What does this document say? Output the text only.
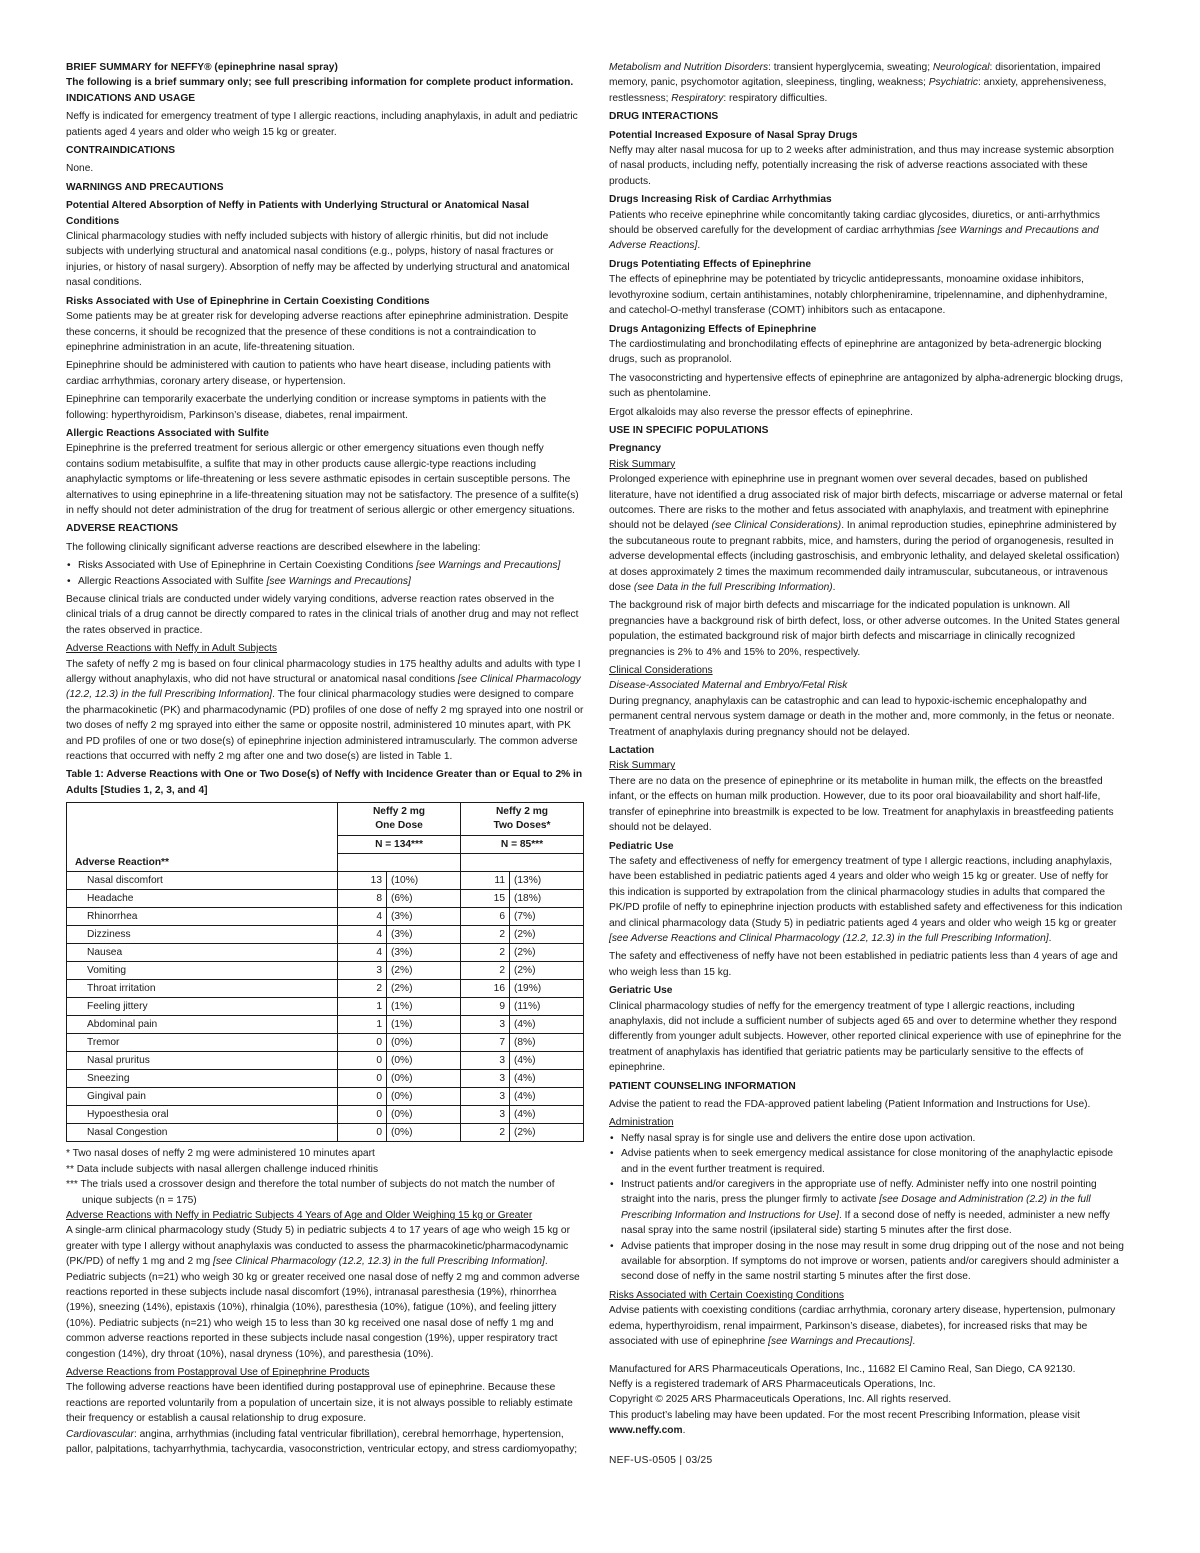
BRIEF SUMMARY for NEFFY® (epinephrine nasal spray)

The following is a brief summary only; see full prescribing information for complete product information.

INDICATIONS AND USAGE

Neffy is indicated for emergency treatment of type I allergic reactions, including anaphylaxis, in adult and pediatric patients aged 4 years and older who weigh 15 kg or greater.

CONTRAINDICATIONS

None.

WARNINGS AND PRECAUTIONS

Potential Altered Absorption of Neffy in Patients with Underlying Structural or Anatomical Nasal Conditions

Clinical pharmacology studies with neffy included subjects with history of allergic rhinitis, but did not include subjects with underlying structural and anatomical nasal conditions (e.g., polyps, history of nasal fractures or injuries, or history of nasal surgery). Absorption of neffy may be affected by underlying structural and anatomical nasal conditions.

Risks Associated with Use of Epinephrine in Certain Coexisting Conditions

Some patients may be at greater risk for developing adverse reactions after epinephrine administration. Despite these concerns, it should be recognized that the presence of these conditions is not a contraindication to epinephrine administration in an acute, life-threatening situation.

Epinephrine should be administered with caution to patients who have heart disease, including patients with cardiac arrhythmias, coronary artery disease, or hypertension.

Epinephrine can temporarily exacerbate the underlying condition or increase symptoms in patients with the following: hyperthyroidism, Parkinson’s disease, diabetes, renal impairment.

Allergic Reactions Associated with Sulfite

Epinephrine is the preferred treatment for serious allergic or other emergency situations even though neffy contains sodium metabisulfite, a sulfite that may in other products cause allergic-type reactions including anaphylactic symptoms or life-threatening or less severe asthmatic episodes in certain susceptible persons. The alternatives to using epinephrine in a life-threatening situation may not be satisfactory. The presence of a sulfite(s) in neffy should not deter administration of the drug for treatment of serious allergic or other emergency situations.

ADVERSE REACTIONS

The following clinically significant adverse reactions are described elsewhere in the labeling:

• Risks Associated with Use of Epinephrine in Certain Coexisting Conditions [see Warnings and Precautions]
• Allergic Reactions Associated with Sulfite [see Warnings and Precautions]

Because clinical trials are conducted under widely varying conditions, adverse reaction rates observed in the clinical trials of a drug cannot be directly compared to rates in the clinical trials of another drug and may not reflect the rates observed in practice.

Adverse Reactions with Neffy in Adult Subjects

The safety of neffy 2 mg is based on four clinical pharmacology studies in 175 healthy adults and adults with type I allergy without anaphylaxis, who did not have structural or anatomical nasal conditions [see Clinical Pharmacology (12.2, 12.3) in the full Prescribing Information]. The four clinical pharmacology studies were designed to compare the pharmacokinetic (PK) and pharmacodynamic (PD) profiles of one dose of neffy 2 mg sprayed into one nostril or two doses of neffy 2 mg sprayed into either the same or opposite nostril, administered 10 minutes apart, with PK and PD profiles of one or two dose(s) of epinephrine injection administered intramuscularly. The common adverse reactions that occurred with neffy 2 mg after one and two dose(s) are listed in Table 1.

Table 1: Adverse Reactions with One or Two Dose(s) of Neffy with Incidence Greater than or Equal to 2% in Adults [Studies 1, 2, 3, and 4]

	Neffy 2 mg One Dose		Neffy 2 mg Two Doses*	
	N = 134***		N = 85***	
Adverse Reaction**				
Nasal discomfort	13	(10%)	11	(13%)
Headache	8	(6%)	15	(18%)
Rhinorrhea	4	(3%)	6	(7%)
Dizziness	4	(3%)	2	(2%)
Nausea	4	(3%)	2	(2%)
Vomiting	3	(2%)	2	(2%)
Throat irritation	2	(2%)	16	(19%)
Feeling jittery	1	(1%)	9	(11%)
Abdominal pain	1	(1%)	3	(4%)
Tremor	0	(0%)	7	(8%)
Nasal pruritus	0	(0%)	3	(4%)
Sneezing	0	(0%)	3	(4%)
Gingival pain	0	(0%)	3	(4%)
Hypoesthesia oral	0	(0%)	3	(4%)
Nasal Congestion	0	(0%)	2	(2%)

* Two nasal doses of neffy 2 mg were administered 10 minutes apart

** Data include subjects with nasal allergen challenge induced rhinitis

*** The trials used a crossover design and therefore the total number of subjects do not match the number of unique subjects (n = 175)

Adverse Reactions with Neffy in Pediatric Subjects 4 Years of Age and Older Weighing 15 kg or Greater

A single-arm clinical pharmacology study (Study 5) in pediatric subjects 4 to 17 years of age who weigh 15 kg or greater with type I allergy without anaphylaxis was conducted to assess the pharmacokinetic/pharmacodynamic (PK/PD) of neffy 1 mg and 2 mg [see Clinical Pharmacology (12.2, 12.3) in the full Prescribing Information]. Pediatric subjects (n=21) who weigh 30 kg or greater received one nasal dose of neffy 2 mg and common adverse reactions reported in these subjects include nasal discomfort (19%), intranasal paresthesia (19%), rhinorrhea (19%), sneezing (14%), epistaxis (10%), rhinalgia (10%), paresthesia (10%), fatigue (10%), and feeling jittery (10%). Pediatric subjects (n=21) who weigh 15 to less than 30 kg received one nasal dose of neffy 1 mg and common adverse reactions reported in these subjects include nasal congestion (19%), upper respiratory tract congestion (14%), dry throat (10%), nasal dryness (10%), and paresthesia (10%).

Adverse Reactions from Postapproval Use of Epinephrine Products

The following adverse reactions have been identified during postapproval use of epinephrine. Because these reactions are reported voluntarily from a population of uncertain size, it is not always possible to reliably estimate their frequency or establish a causal relationship to drug exposure.

Cardiovascular: angina, arrhythmias (including fatal ventricular fibrillation), cerebral hemorrhage, hypertension, pallor, palpitations, tachyarrhythmia, tachycardia, vasoconstriction, ventricular ectopy, and stress cardiomyopathy;

Metabolism and Nutrition Disorders: transient hyperglycemia, sweating; Neurological: disorientation, impaired memory, panic, psychomotor agitation, sleepiness, tingling, weakness; Psychiatric: anxiety, apprehensiveness, restlessness; Respiratory: respiratory difficulties.

DRUG INTERACTIONS

Potential Increased Exposure of Nasal Spray Drugs

Neffy may alter nasal mucosa for up to 2 weeks after administration, and thus may increase systemic absorption of nasal products, including neffy, potentially increasing the risk of adverse reactions associated with these products.

Drugs Increasing Risk of Cardiac Arrhythmias

Patients who receive epinephrine while concomitantly taking cardiac glycosides, diuretics, or anti-arrhythmics should be observed carefully for the development of cardiac arrhythmias [see Warnings and Precautions and Adverse Reactions].

Drugs Potentiating Effects of Epinephrine

The effects of epinephrine may be potentiated by tricyclic antidepressants, monoamine oxidase inhibitors, levothyroxine sodium, certain antihistamines, notably chlorpheniramine, tripelennamine, and diphenhydramine, and catechol-O-methyl transferase (COMT) inhibitors such as entacapone.

Drugs Antagonizing Effects of Epinephrine

The cardiostimulating and bronchodilating effects of epinephrine are antagonized by beta-adrenergic blocking drugs, such as propranolol.

The vasoconstricting and hypertensive effects of epinephrine are antagonized by alpha-adrenergic blocking drugs, such as phentolamine.

Ergot alkaloids may also reverse the pressor effects of epinephrine.

USE IN SPECIFIC POPULATIONS

Pregnancy

Risk Summary

Prolonged experience with epinephrine use in pregnant women over several decades, based on published literature, have not identified a drug associated risk of major birth defects, miscarriage or adverse maternal or fetal outcomes. There are risks to the mother and fetus associated with anaphylaxis, and treatment with epinephrine should not be delayed (see Clinical Considerations). In animal reproduction studies, epinephrine administered by the subcutaneous route to pregnant rabbits, mice, and hamsters, during the period of organogenesis, resulted in adverse developmental effects (including gastroschisis, and embryonic lethality, and delayed skeletal ossification) at doses approximately 2 times the maximum recommended daily intramuscular, subcutaneous, or intravenous dose (see Data in the full Prescribing Information).

The background risk of major birth defects and miscarriage for the indicated population is unknown. All pregnancies have a background risk of birth defect, loss, or other adverse outcomes. In the United States general population, the estimated background risk of major birth defects and miscarriage in clinically recognized pregnancies is 2% to 4% and 15% to 20%, respectively.

Clinical Considerations

Disease-Associated Maternal and Embryo/Fetal Risk

During pregnancy, anaphylaxis can be catastrophic and can lead to hypoxic-ischemic encephalopathy and permanent central nervous system damage or death in the mother and, more commonly, in the fetus or neonate. Treatment of anaphylaxis during pregnancy should not be delayed.

Lactation

Risk Summary

There are no data on the presence of epinephrine or its metabolite in human milk, the effects on the breastfed infant, or the effects on human milk production. However, due to its poor oral bioavailability and short half-life, transfer of epinephrine into breastmilk is expected to be low. Treatment for anaphylaxis in breastfeeding patients should not be delayed.

Pediatric Use

The safety and effectiveness of neffy for emergency treatment of type I allergic reactions, including anaphylaxis, have been established in pediatric patients aged 4 years and older who weigh 15 kg or greater. Use of neffy for this indication is supported by extrapolation from the clinical pharmacology studies in adults that compared the PK/PD profile of neffy to epinephrine injection products with established safety and effectiveness for this indication and clinical pharmacology data (Study 5) in pediatric patients aged 4 years and older who weigh 15 kg or greater [see Adverse Reactions and Clinical Pharmacology (12.2, 12.3) in the full Prescribing Information].

The safety and effectiveness of neffy have not been established in pediatric patients less than 4 years of age and who weigh less than 15 kg.

Geriatric Use

Clinical pharmacology studies of neffy for the emergency treatment of type I allergic reactions, including anaphylaxis, did not include a sufficient number of subjects aged 65 and over to determine whether they respond differently from younger adult subjects. However, other reported clinical experience with use of epinephrine for the treatment of anaphylaxis has identified that geriatric patients may be particularly sensitive to the effects of epinephrine.

PATIENT COUNSELING INFORMATION

Advise the patient to read the FDA-approved patient labeling (Patient Information and Instructions for Use).

Administration

• Neffy nasal spray is for single use and delivers the entire dose upon activation.
• Advise patients when to seek emergency medical assistance for close monitoring of the anaphylactic episode and in the event further treatment is required.
• Instruct patients and/or caregivers in the appropriate use of neffy. Administer neffy into one nostril pointing straight into the naris, press the plunger firmly to activate [see Dosage and Administration (2.2) in the full Prescribing Information and Instructions for Use]. If a second dose of neffy is needed, administer a new neffy nasal spray into the same nostril (ipsilateral side) starting 5 minutes after the first dose.
• Advise patients that improper dosing in the nose may result in some drug dripping out of the nose and not being available for absorption. If symptoms do not improve or worsen, patients and/or caregivers should administer a second dose of neffy in the same nostril starting 5 minutes after the first dose.

Risks Associated with Certain Coexisting Conditions

Advise patients with coexisting conditions (cardiac arrhythmia, coronary artery disease, hypertension, pulmonary edema, hyperthyroidism, renal impairment, Parkinson’s disease, diabetes), for increased risks that may be associated with use of epinephrine [see Warnings and Precautions].

Manufactured for ARS Pharmaceuticals Operations, Inc., 11682 El Camino Real, San Diego, CA 92130.

Neffy is a registered trademark of ARS Pharmaceuticals Operations, Inc.

Copyright © 2025 ARS Pharmaceuticals Operations, Inc. All rights reserved.

This product’s labeling may have been updated. For the most recent Prescribing Information, please visit www.neffy.com.

NEF-US-0505 | 03/25
